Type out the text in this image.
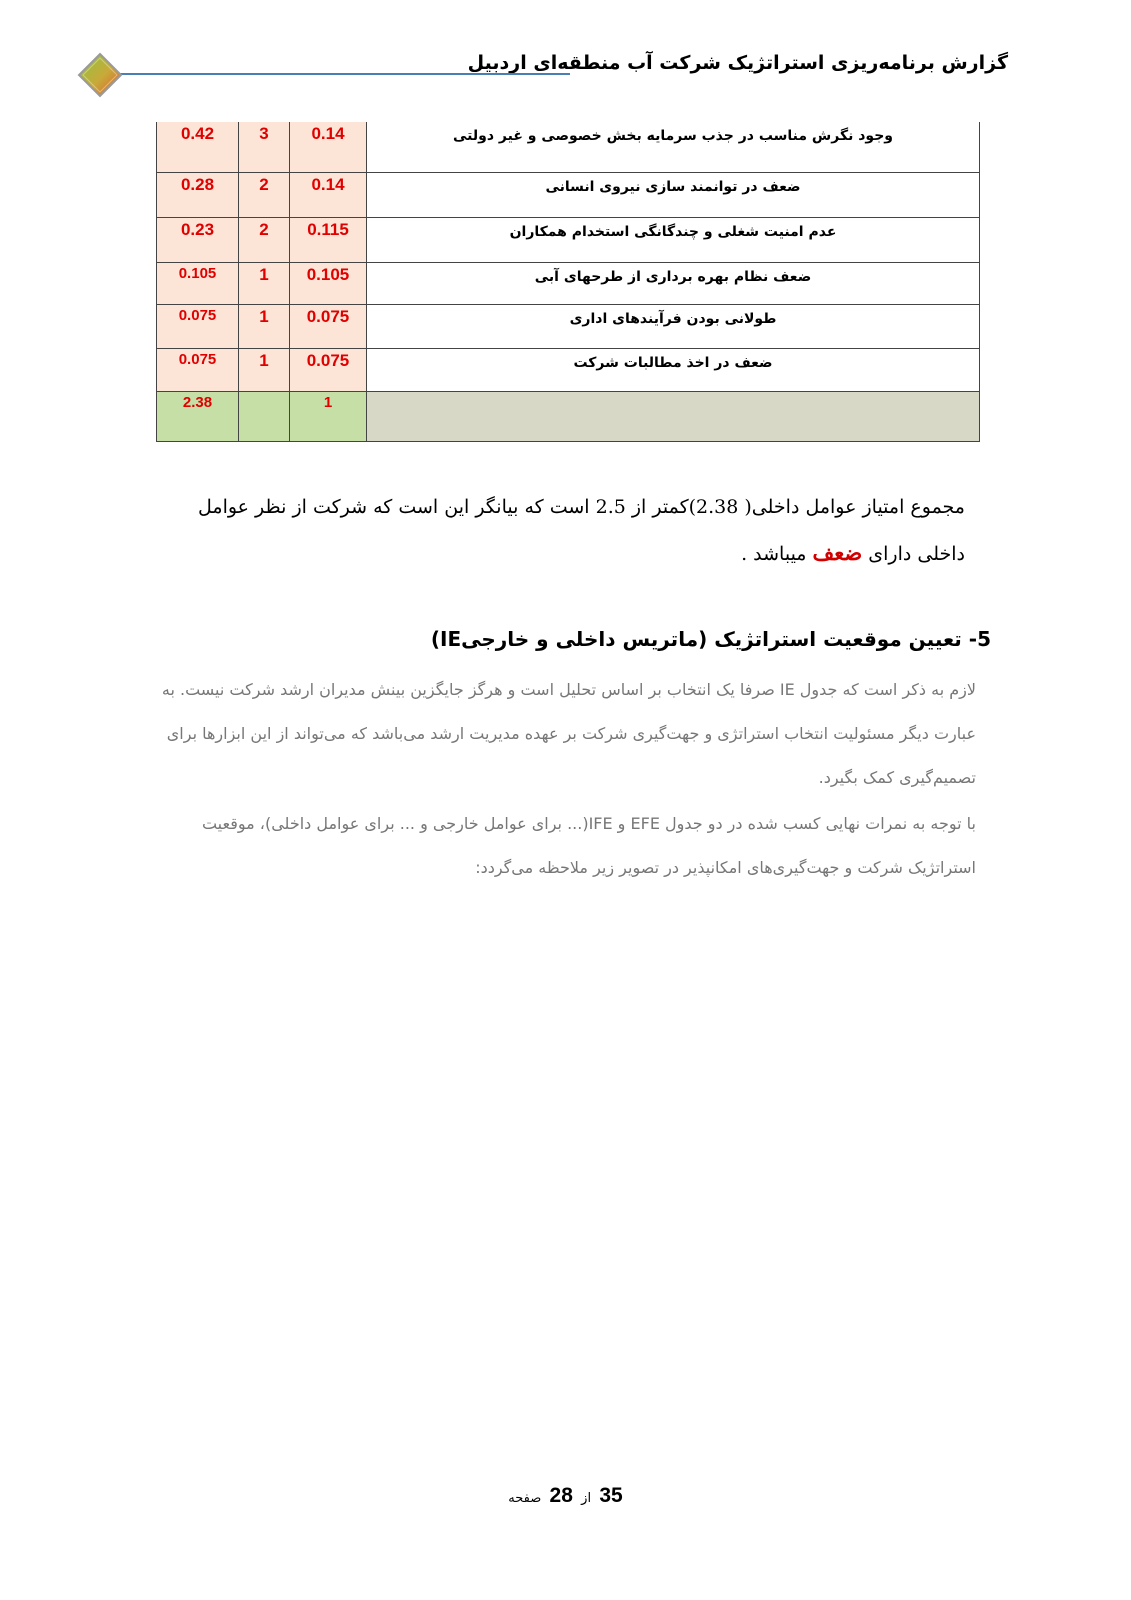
گزارش برنامه‌ریزی استراتژیک شرکت آب منطقه‌ای اردبیل
0.42	3	0.14	وجود نگرش مناسب در جذب سرمایه بخش خصوصی و غیر دولتی
0.28	2	0.14	ضعف در توانمند سازی نیروی انسانی
0.23	2	0.115	عدم امنیت شغلی و چندگانگی استخدام همکاران
0.105	1	0.105	ضعف نظام بهره برداری از طرحهای آبی
0.075	1	0.075	طولانی بودن فرآیندهای اداری
0.075	1	0.075	ضعف در اخذ مطالبات شرکت
2.38		1	
مجموع امتیاز عوامل داخلی( 2.38)کمتر از 2.5 است که بیانگر این است که شرکت از نظر عوامل داخلی دارای ضعف میباشد .
5- تعیین موقعیت استراتژیک (ماتریس داخلی و خارجیIE)
لازم به ذکر است که جدول IE صرفا یک انتخاب بر اساس تحلیل است و هرگز جایگزین بینش مدیران ارشد شرکت نیست. به عبارت دیگر مسئولیت انتخاب استراتژی و جهت‌گیری شرکت بر عهده مدیریت ارشد می‌باشد که می‌تواند از این ابزارها برای تصمیم‌گیری کمک بگیرد.
با توجه به نمرات نهایی کسب شده در دو جدول EFE و IFE(... برای عوامل خارجی و ... برای عوامل داخلی)، موقعیت استراتژیک شرکت و جهت‌گیری‌های امکانپذیر در تصویر زیر ملاحظه می‌گردد:
35  از  28  صفحه
